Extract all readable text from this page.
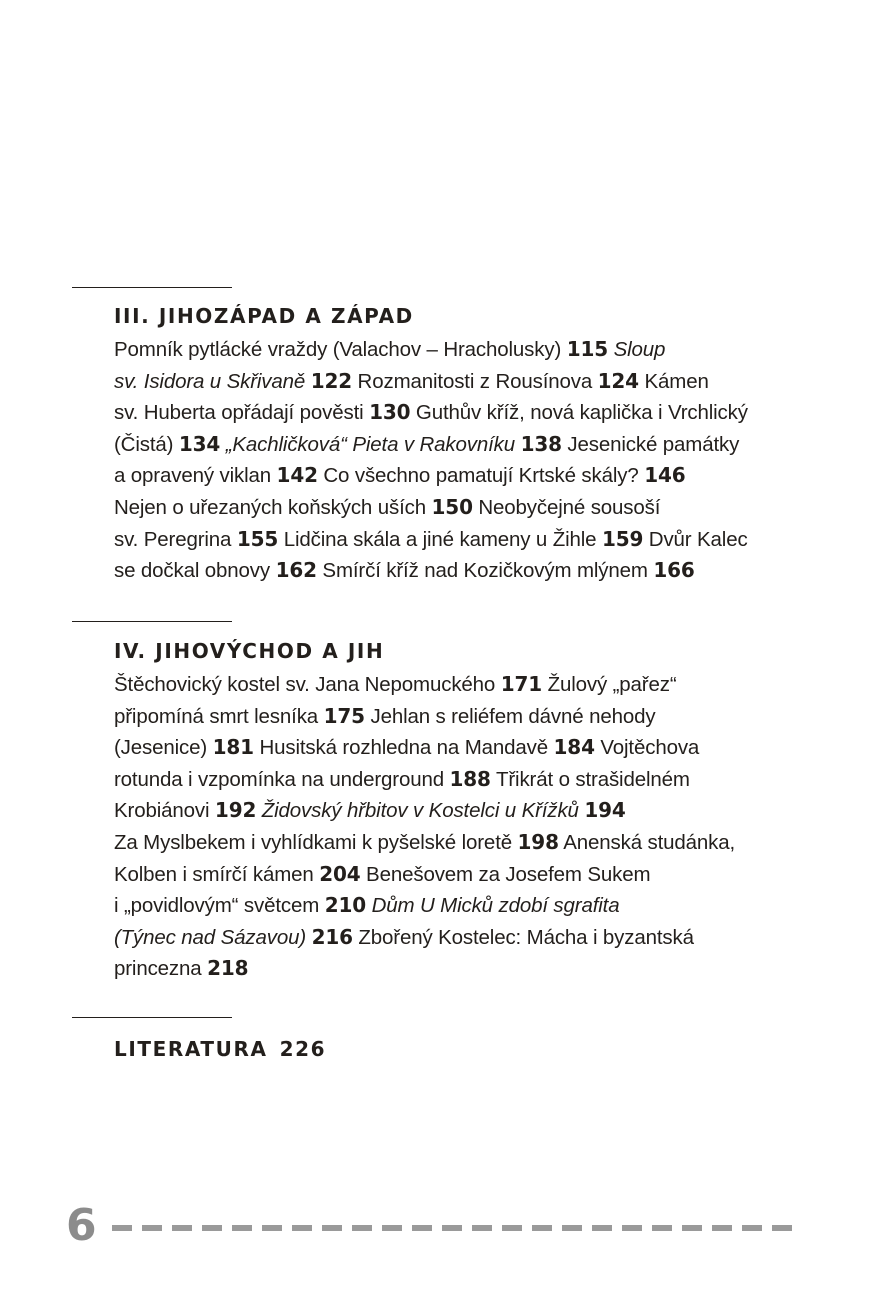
III. JIHOZÁPAD A ZÁPAD
Pomník pytlácké vraždy (Valachov – Hracholusky) 115 Sloup
sv. Isidora u Skřivaně 122 Rozmanitosti z Rousínova 124 Kámen
sv. Huberta opřádají pověsti 130 Guthův kříž, nová kaplička i Vrchlický
(Čistá) 134 „Kachličková“ Pieta v Rakovníku 138 Jesenické památky
a opravený viklan 142 Co všechno pamatují Krtské skály? 146
Nejen o uřezaných koňských uších 150 Neobyčejné sousoší
sv. Peregrina 155 Lidčina skála a jiné kameny u Žihle 159 Dvůr Kalec
se dočkal obnovy 162 Smírčí kříž nad Kozičkovým mlýnem 166
IV. JIHOVÝCHOD A JIH
Štěchovický kostel sv. Jana Nepomuckého 171 Žulový „pařez“
připomíná smrt lesníka 175 Jehlan s reliéfem dávné nehody
(Jesenice) 181 Husitská rozhledna na Mandavě 184 Vojtěchova
rotunda i vzpomínka na underground 188 Třikrát o strašidelném
Krobiánovi 192 Židovský hřbitov v Kostelci u Křížků 194
Za Myslbekem i vyhlídkami k pyšelské loretě 198 Anenská studánka,
Kolben i smírčí kámen 204 Benešovem za Josefem Sukem
i „povidlovým“ světcem 210 Dům U Micků zdobí sgrafita
(Týnec nad Sázavou) 216 Zbořený Kostelec: Mácha i byzantská
princezna 218
LITERATURA 226
6
